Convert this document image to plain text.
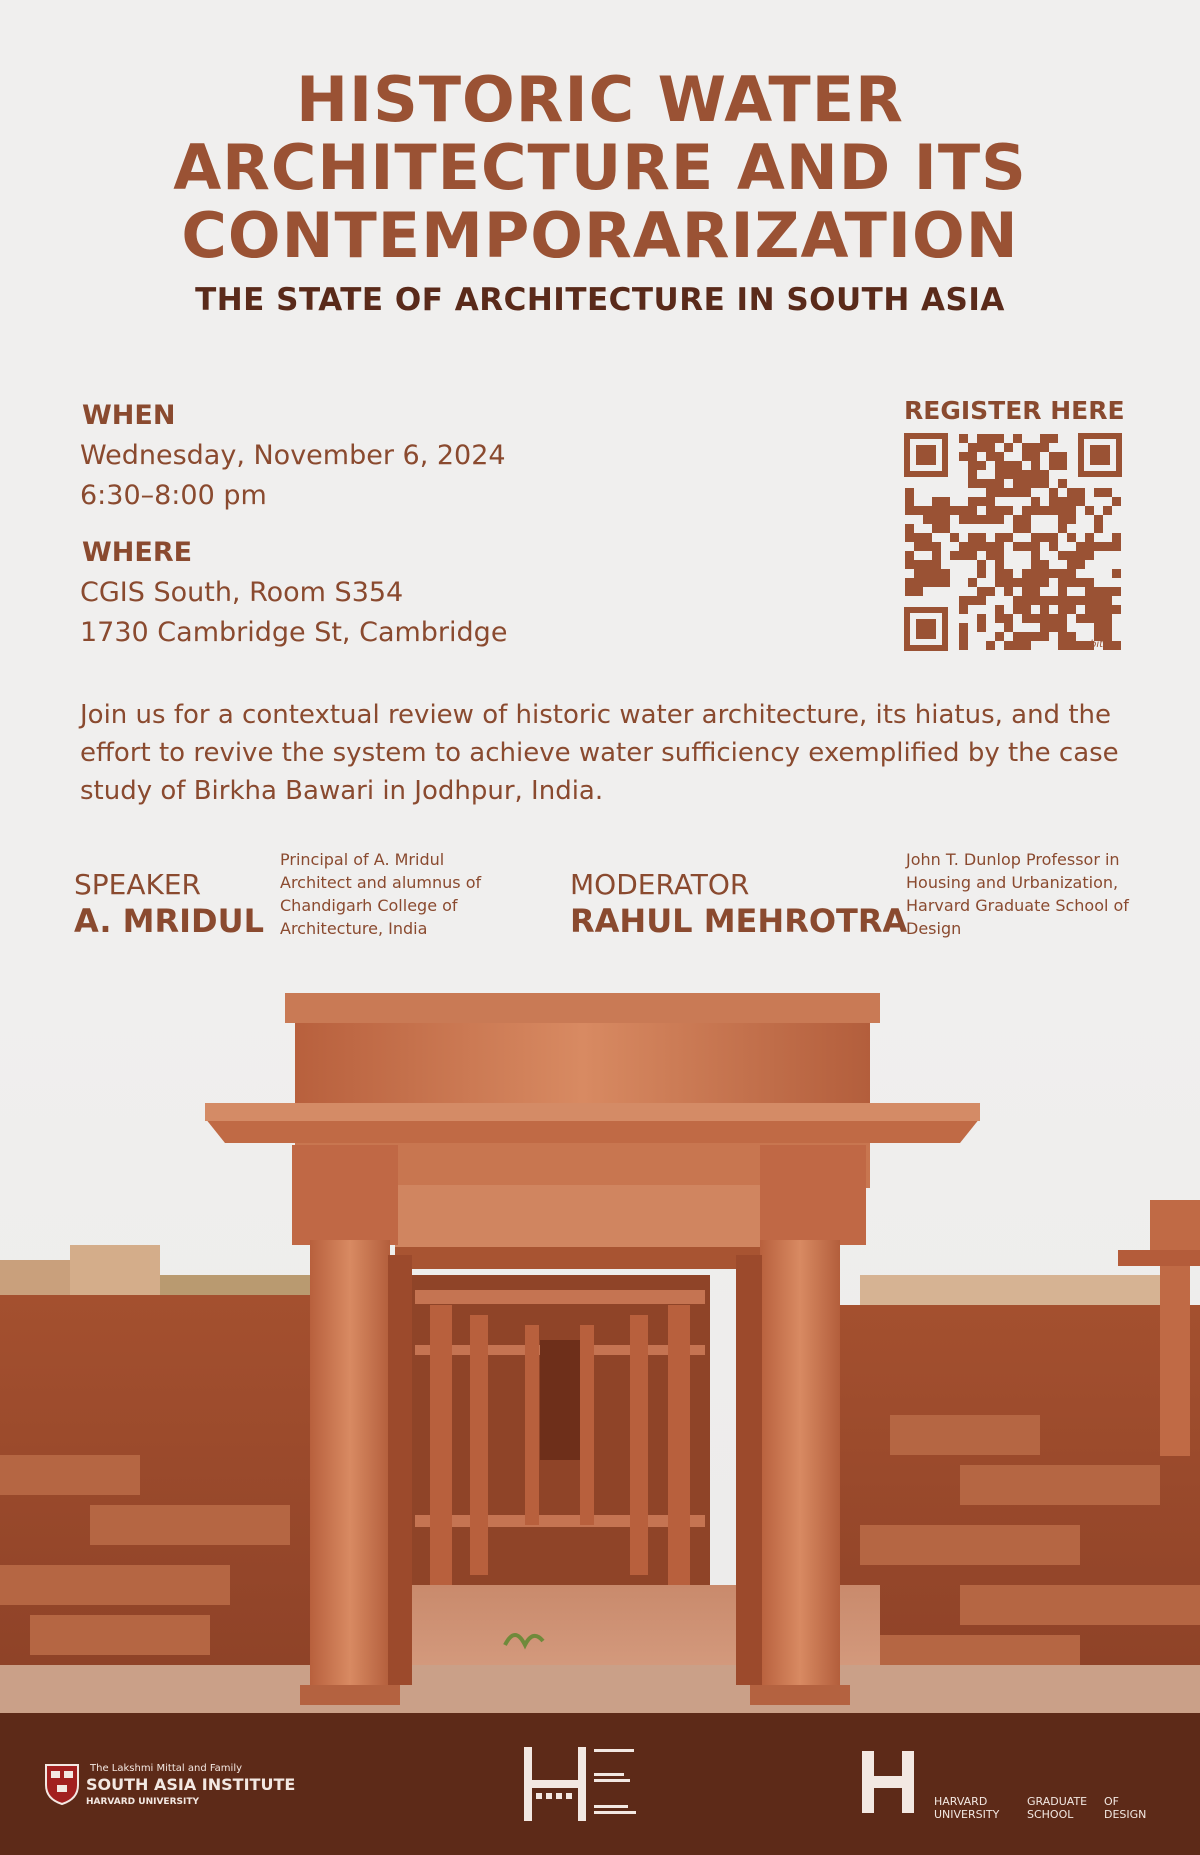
HISTORIC WATER
ARCHITECTURE AND ITS
CONTEMPORARIZATION
THE STATE OF ARCHITECTURE IN SOUTH ASIA
WHEN
Wednesday, November 6, 2024
6:30–8:00 pm
WHERE
CGIS South, Room S354
1730 Cambridge St, Cambridge
REGISTER HERE
bitly
Join us for a contextual review of historic water architecture, its hiatus, and the effort to revive the system to achieve water sufficiency exemplified by the case study of Birkha Bawari in Jodhpur, India.
SPEAKER
A. MRIDUL
Principal of A. Mridul Architect and alumnus of Chandigarh College of Architecture, India
MODERATOR
RAHUL MEHROTRA
John T. Dunlop Professor in Housing and Urbanization, Harvard Graduate School of Design
The Lakshmi Mittal and Family
SOUTH ASIA INSTITUTE
HARVARD UNIVERSITY	HARVARD
UNIVERSITY
GRADUATE
SCHOOL
OF
DESIGN
